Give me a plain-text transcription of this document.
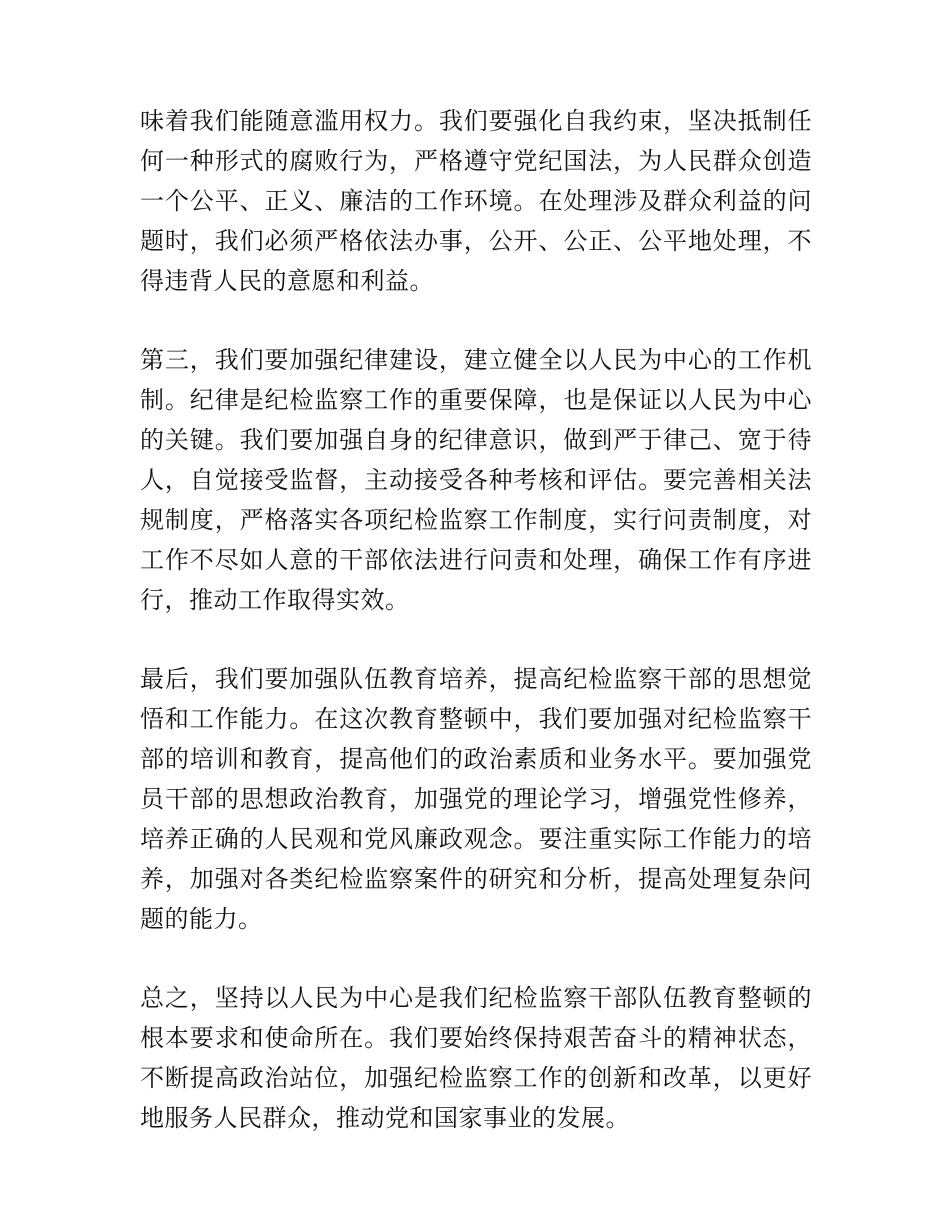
味着我们能随意滥用权力。我们要强化自我约束，坚决抵制任何一种形式的腐败行为，严格遵守党纪国法，为人民群众创造一个公平、正义、廉洁的工作环境。在处理涉及群众利益的问题时，我们必须严格依法办事，公开、公正、公平地处理，不得违背人民的意愿和利益。

第三，我们要加强纪律建设，建立健全以人民为中心的工作机制。纪律是纪检监察工作的重要保障，也是保证以人民为中心的关键。我们要加强自身的纪律意识，做到严于律己、宽于待人，自觉接受监督，主动接受各种考核和评估。要完善相关法规制度，严格落实各项纪检监察工作制度，实行问责制度，对工作不尽如人意的干部依法进行问责和处理，确保工作有序进行，推动工作取得实效。

最后，我们要加强队伍教育培养，提高纪检监察干部的思想觉悟和工作能力。在这次教育整顿中，我们要加强对纪检监察干部的培训和教育，提高他们的政治素质和业务水平。要加强党员干部的思想政治教育，加强党的理论学习，增强党性修养，培养正确的人民观和党风廉政观念。要注重实际工作能力的培养，加强对各类纪检监察案件的研究和分析，提高处理复杂问题的能力。

总之，坚持以人民为中心是我们纪检监察干部队伍教育整顿的根本要求和使命所在。我们要始终保持艰苦奋斗的精神状态，不断提高政治站位，加强纪检监察工作的创新和改革，以更好地服务人民群众，推动党和国家事业的发展。
